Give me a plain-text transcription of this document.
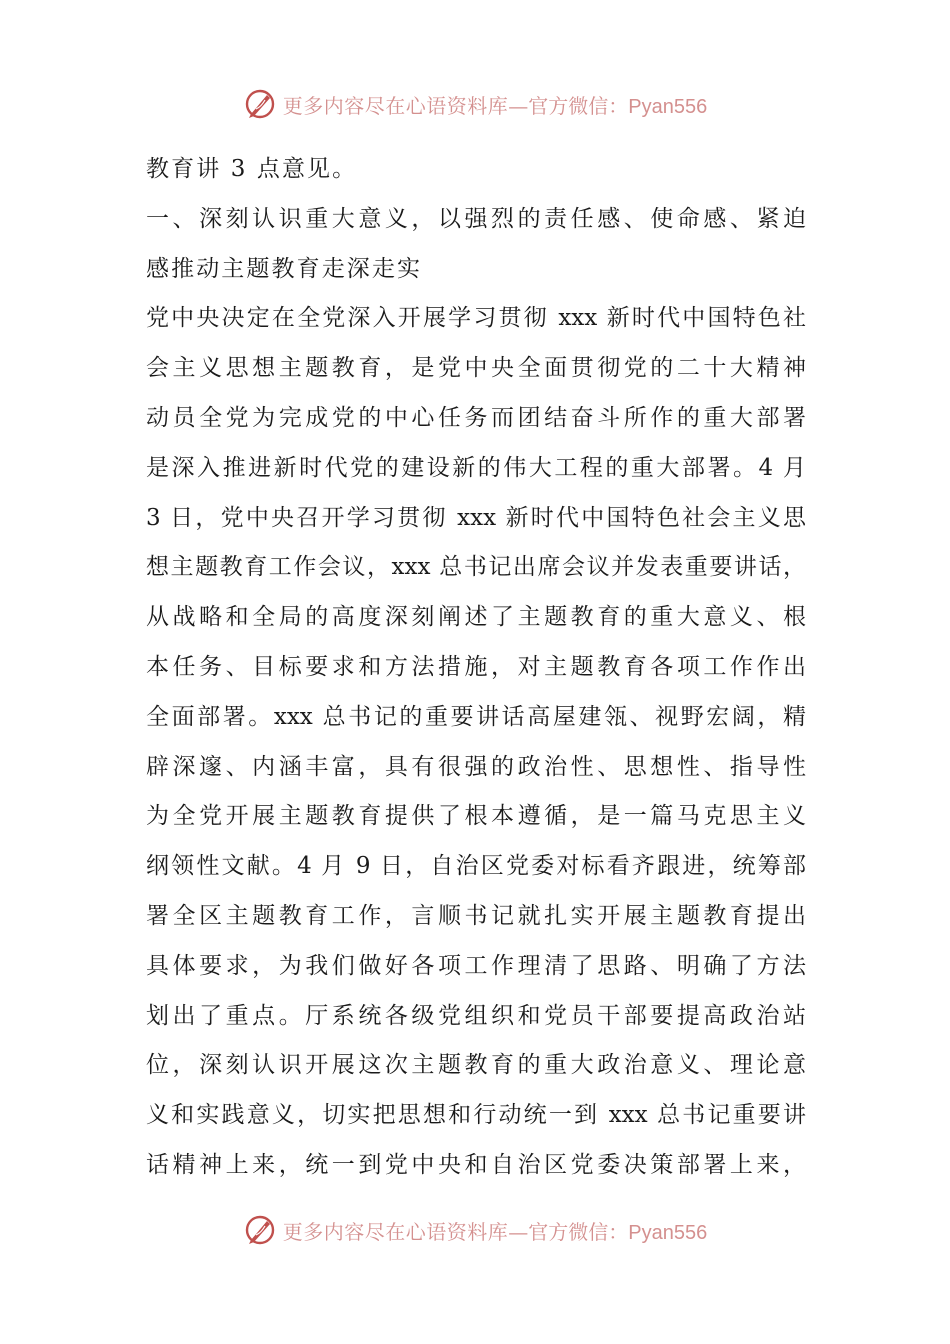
更多内容尽在心语资料库 —官方微信： Pyan556
教育讲 3 点意见。
一、深刻认识重大意义，以强烈的责任感、使命感、紧迫
感推动主题教育走深走实
党中央决定在全党深入开展学习贯彻 xxx 新时代中国特色社
会主义思想主题教育，是党中央全面贯彻党的二十大精神
动员全党为完成党的中心任务而团结奋斗所作的重大部署
是深入推进新时代党的建设新的伟大工程的重大部署。4 月
3 日，党中央召开学习贯彻 xxx 新时代中国特色社会主义思
想主题教育工作会议，xxx 总书记出席会议并发表重要讲话，
从战略和全局的高度深刻阐述了主题教育的重大意义、根
本任务、目标要求和方法措施，对主题教育各项工作作出
全面部署。xxx 总书记的重要讲话高屋建瓴、视野宏阔，精
辟深邃、内涵丰富，具有很强的政治性、思想性、指导性
为全党开展主题教育提供了根本遵循，是一篇马克思主义
纲领性文献。4 月 9 日，自治区党委对标看齐跟进，统筹部
署全区主题教育工作，言顺书记就扎实开展主题教育提出
具体要求，为我们做好各项工作理清了思路、明确了方法
划出了重点。厅系统各级党组织和党员干部要提高政治站
位，深刻认识开展这次主题教育的重大政治意义、理论意
义和实践意义，切实把思想和行动统一到 xxx 总书记重要讲
话精神上来，统一到党中央和自治区党委决策部署上来，
更多内容尽在心语资料库 —官方微信： Pyan556
